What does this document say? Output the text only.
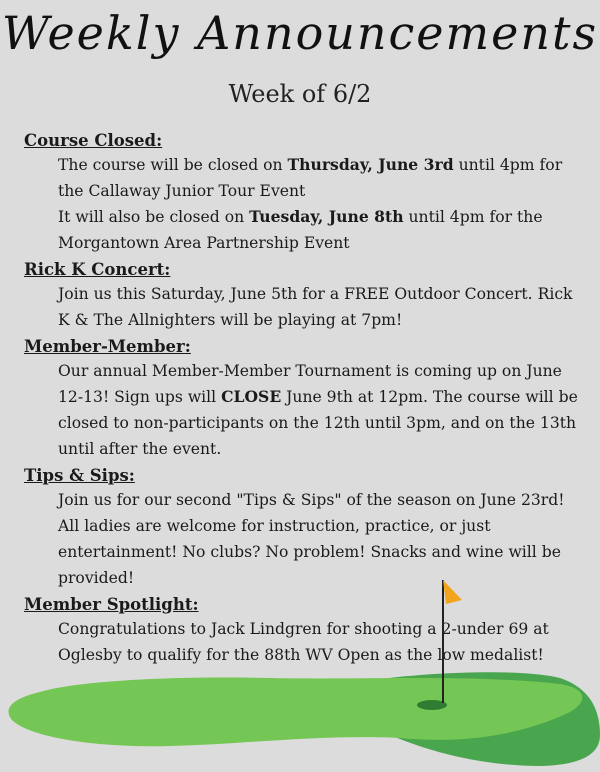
Weekly Announcements
Week of 6/2
Course Closed:
The course will be closed on Thursday, June 3rd until 4pm for the Callaway Junior Tour Event
It will also be closed on Tuesday, June 8th until 4pm for the Morgantown Area Partnership Event
Rick K Concert:
Join us this Saturday, June 5th for a FREE Outdoor Concert. Rick K & The Allnighters will be playing at 7pm!
Member-Member:
Our annual Member-Member Tournament is coming up on June 12-13! Sign ups will CLOSE June 9th at 12pm. The course will be closed to non-participants on the 12th until 3pm, and on the 13th until after the event.
Tips & Sips:
Join us for our second "Tips & Sips" of the season on June 23rd! All ladies are welcome for instruction, practice, or just entertainment! No clubs? No problem! Snacks and wine will be provided!
Member Spotlight:
Congratulations to Jack Lindgren for shooting a 2-under 69 at Oglesby to qualify for the 88th WV Open as the low medalist!
